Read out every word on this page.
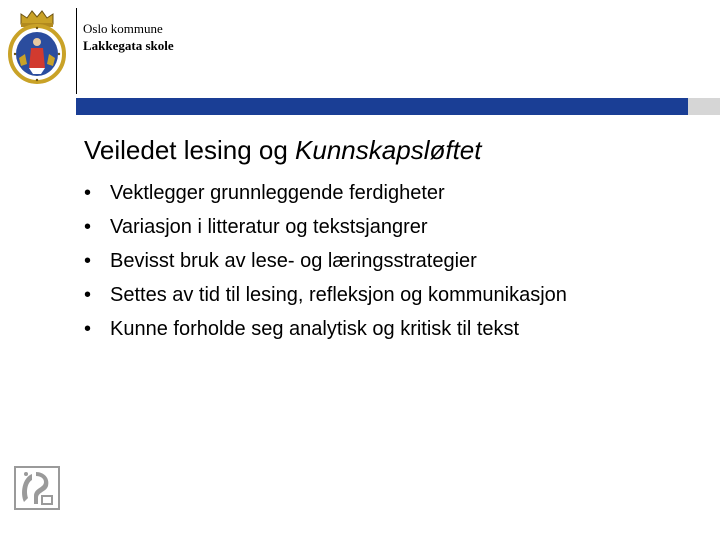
Oslo kommune
Lakkegata skole
Veiledet lesing og Kunnskapsløftet
• Vektlegger grunnleggende ferdigheter
• Variasjon i litteratur og tekstsjangrer
• Bevisst bruk av lese- og læringsstrategier
• Settes av tid til lesing, refleksjon og kommunikasjon
• Kunne forholde seg analytisk og kritisk til tekst
